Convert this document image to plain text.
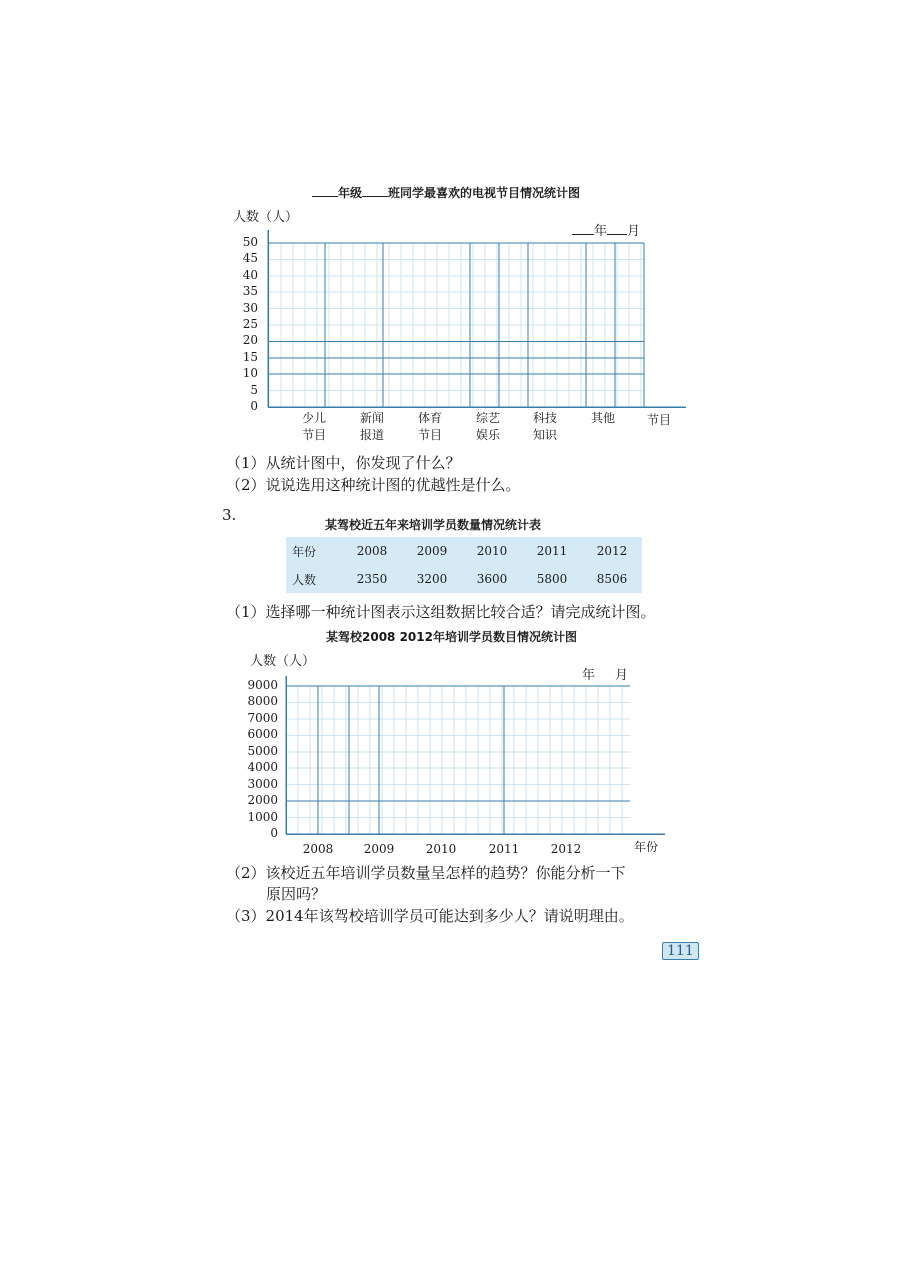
年级 班同学最喜欢的电视节目情况统计图
人数（人）
年 月
50
45
40
35
30
25
20
15
10
5
0
少儿
节目
新闻
报道
体育
节目
综艺
娱乐
科技
知识
其他	节目
（1）从统计图中，你发现了什么？
（2）说说选用这种统计图的优越性是什么。
3.
某驾校近五年来培训学员数量情况统计表
年份	2008	2009	2010	2011	2012
人数	2350	3200	3600	5800	8506
（1）选择哪一种统计图表示这组数据比较合适？请完成统计图。
某驾校2008 2012年培训学员数目情况统计图
人数（人）
年 月
9000
8000
7000
6000
5000
4000
3000
2000
1000
0
2008	2009	2010	2011	2012	年份
（2）该校近五年培训学员数量呈怎样的趋势？你能分析一下
原因吗？
（3）2014年该驾校培训学员可能达到多少人？请说明理由。
111
